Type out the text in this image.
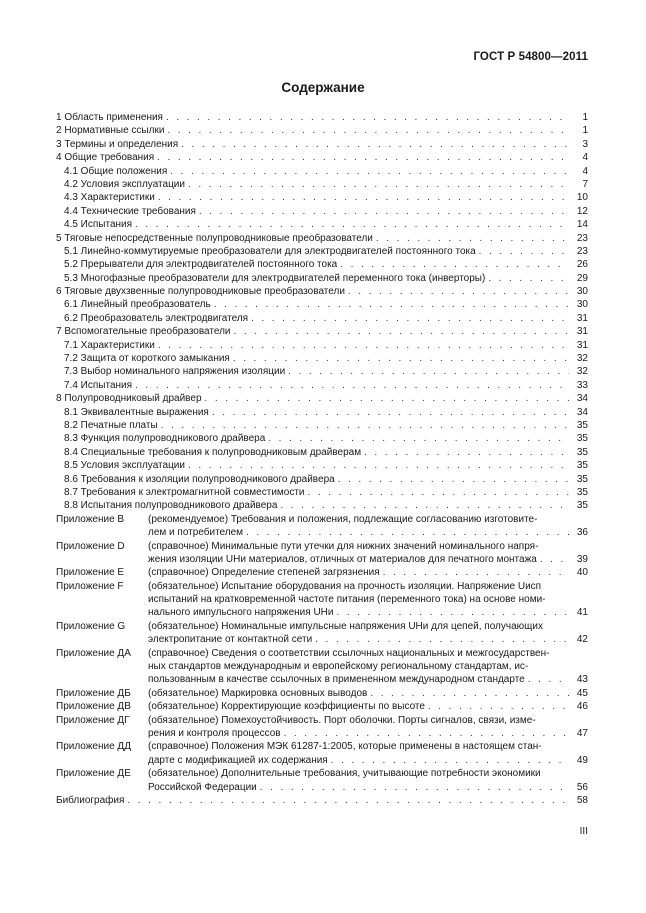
ГОСТ Р 54800—2011
Содержание
1 Область применения . . .	1
2 Нормативные ссылки . . .	1
3 Термины и определения . . .	3
4 Общие требования . . .	4
4.1 Общие положения . . .	4
4.2 Условия эксплуатации . . .	7
4.3 Характеристики . . .	10
4.4 Технические требования . . .	12
4.5 Испытания . . .	14
5 Тяговые непосредственные полупроводниковые преобразователи . . .	23
5.1 Линейно-коммутируемые преобразователи для электродвигателей постоянного тока . . .	23
5.2 Прерыватели для электродвигателей постоянного тока . . .	26
5.3 Многофазные преобразователи для электродвигателей переменного тока (инверторы) . . .	29
6 Тяговые двухзвенные полупроводниковые преобразователи . . .	30
6.1 Линейный преобразователь . . .	30
6.2 Преобразователь электродвигателя . . .	31
7 Вспомогательные преобразователи . . .	31
7.1 Характеристики . . .	31
7.2 Защита от короткого замыкания . . .	32
7.3 Выбор номинального напряжения изоляции . . .	32
7.4 Испытания . . .	33
8 Полупроводниковый драйвер . . .	34
8.1 Эквивалентные выражения . . .	34
8.2 Печатные платы . . .	35
8.3 Функция полупроводникового драйвера . . .	35
8.4 Специальные требования к полупроводниковым драйверам . . .	35
8.5 Условия эксплуатации . . .	35
8.6 Требования к изоляции полупроводникового драйвера . . .	35
8.7 Требования к электромагнитной совместимости . . .	35
8.8 Испытания полупроводникового драйвера . . .	35
Приложение В	(рекомендуемое) Требования и положения, подлежащие согласованию изготовите-
лем и потребителем . . .	36
Приложение D	(справочное) Минимальные пути утечки для нижних значений номинального напря-
жения изоляции UНи материалов, отличных от материалов для печатного монтажа . . .	39
Приложение Е	(справочное) Определение степеней загрязнения . . .	40
Приложение F	(обязательное) Испытание оборудования на прочность изоляции. Напряжение Uисп
испытаний на кратковременной частоте питания (переменного тока) на основе номи-
нального импульсного напряжения UНи . . .	41
Приложение G	(обязательное) Номинальные импульсные напряжения UНи для цепей, получающих
электропитание от контактной сети . . .	42
Приложение ДА	(справочное) Сведения о соответствии ссылочных национальных и межгосударствен-
ных стандартов международным и европейскому региональному стандартам, ис-
пользованным в качестве ссылочных в примененном международном стандарте . . .	43
Приложение ДБ	(обязательное) Маркировка основных выводов . . .	45
Приложение ДВ	(обязательное) Корректирующие коэффициенты по высоте . . .	46
Приложение ДГ	(обязательное) Помехоустойчивость. Порт оболочки. Порты сигналов, связи, изме-
рения и контроля процессов . . .	47
Приложение ДД	(справочное) Положения МЭК 61287-1:2005, которые применены в настоящем стан-
дарте с модификацией их содержания . . .	49
Приложение ДЕ	(обязательное) Дополнительные требования, учитывающие потребности экономики
Российской Федерации . . .	56
Библиография . . .	58
III
